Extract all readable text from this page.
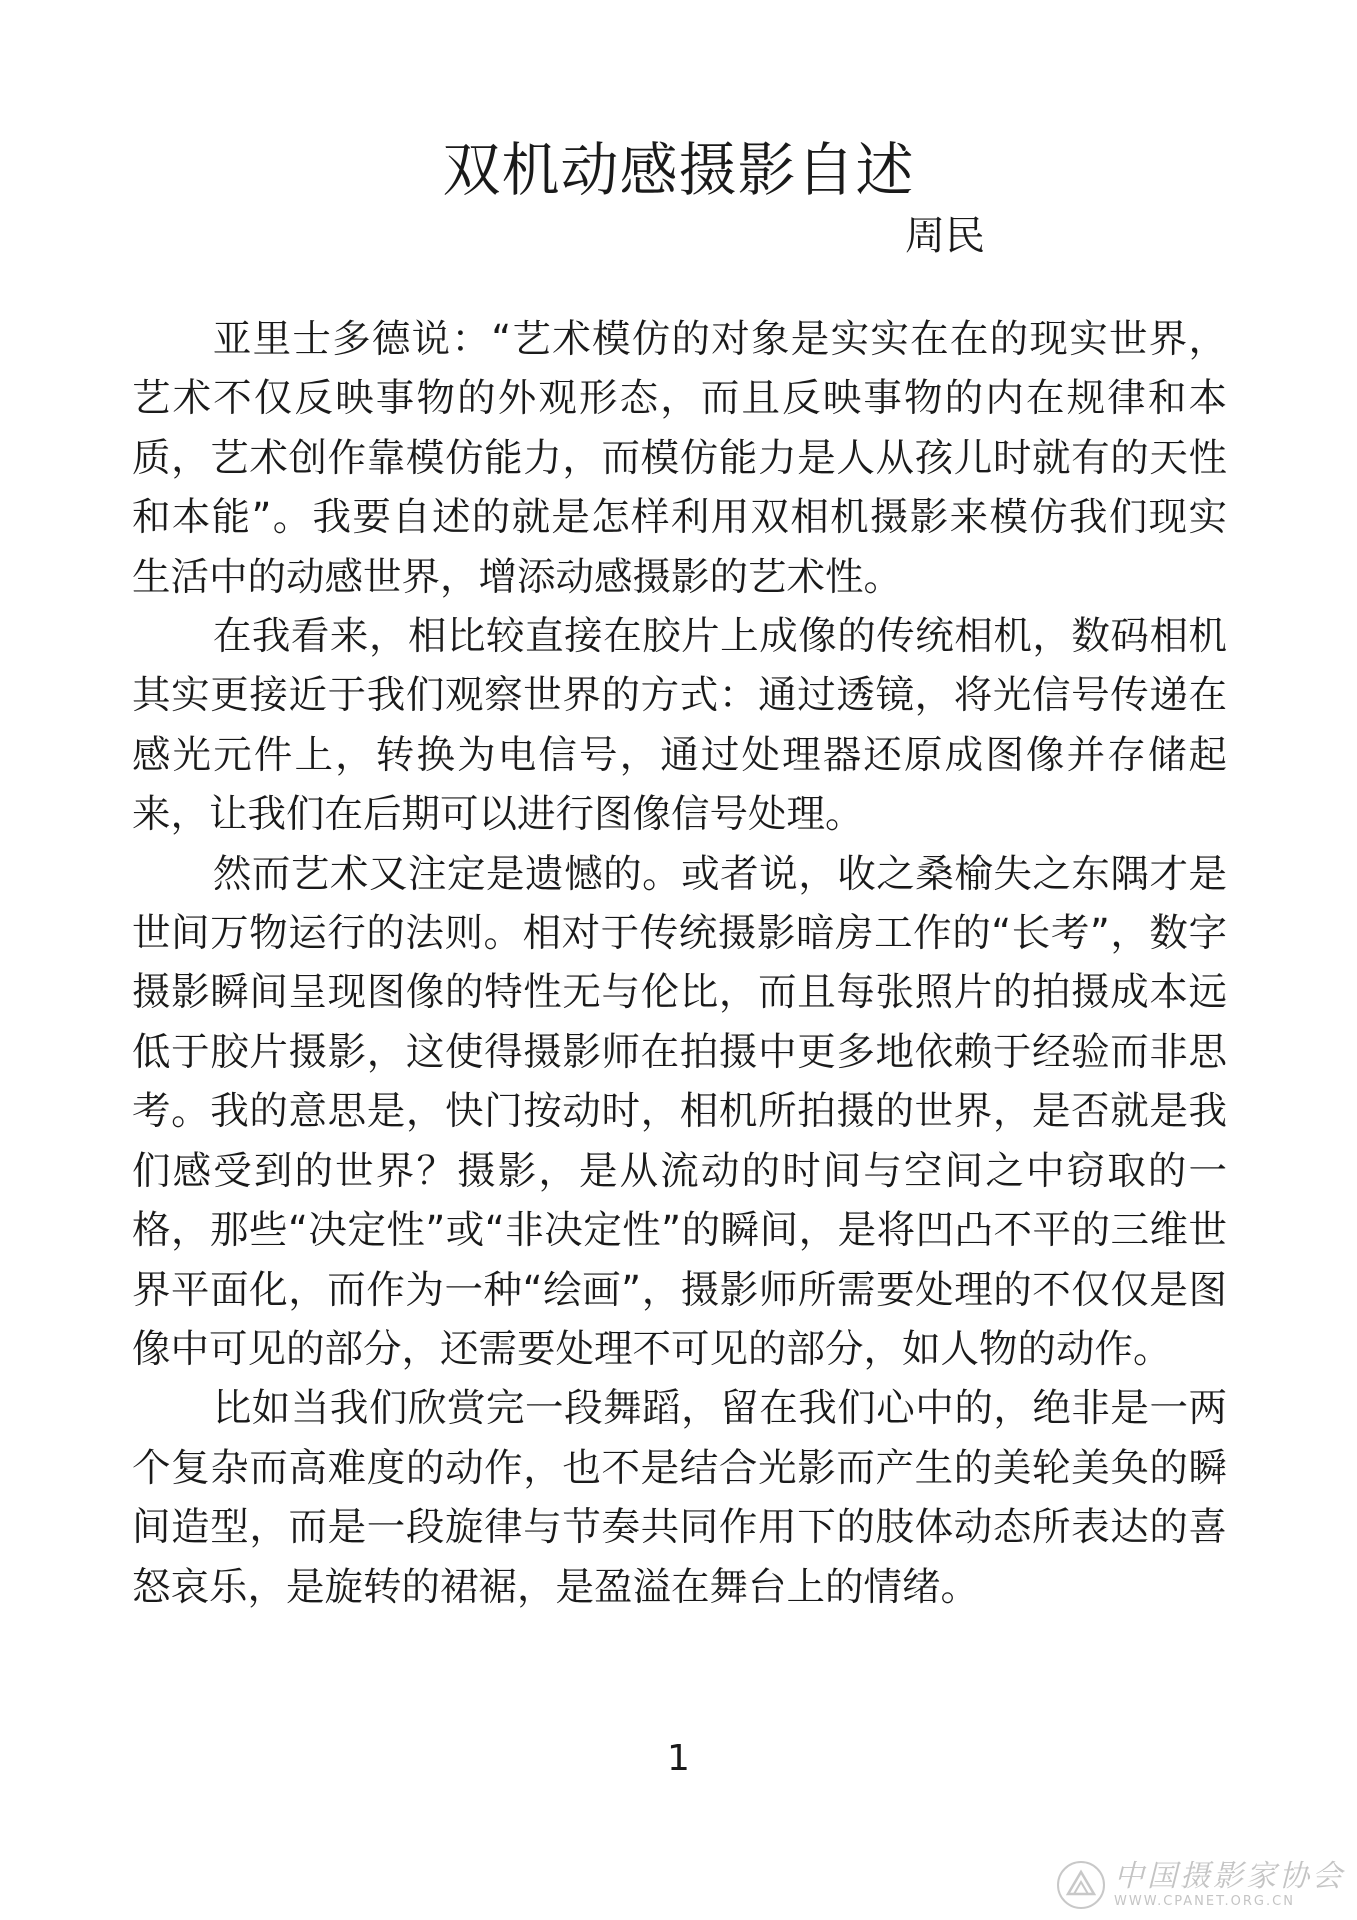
双机动感摄影自述
周民

亚里士多德说：“艺术模仿的对象是实实在在的现实世界，艺术不仅反映事物的外观形态，而且反映事物的内在规律和本质，艺术创作靠模仿能力，而模仿能力是人从孩儿时就有的天性和本能”。我要自述的就是怎样利用双相机摄影来模仿我们现实生活中的动感世界，增添动感摄影的艺术性。

在我看来，相比较直接在胶片上成像的传统相机，数码相机其实更接近于我们观察世界的方式：通过透镜，将光信号传递在感光元件上，转换为电信号，通过处理器还原成图像并存储起来，让我们在后期可以进行图像信号处理。

然而艺术又注定是遗憾的。或者说，收之桑榆失之东隅才是世间万物运行的法则。相对于传统摄影暗房工作的“长考”，数字摄影瞬间呈现图像的特性无与伦比，而且每张照片的拍摄成本远低于胶片摄影，这使得摄影师在拍摄中更多地依赖于经验而非思考。我的意思是，快门按动时，相机所拍摄的世界，是否就是我们感受到的世界？摄影，是从流动的时间与空间之中窃取的一格，那些“决定性”或“非决定性”的瞬间，是将凹凸不平的三维世界平面化，而作为一种“绘画”，摄影师所需要处理的不仅仅是图像中可见的部分，还需要处理不可见的部分，如人物的动作。

比如当我们欣赏完一段舞蹈，留在我们心中的，绝非是一两个复杂而高难度的动作，也不是结合光影而产生的美轮美奂的瞬间造型，而是一段旋律与节奏共同作用下的肢体动态所表达的喜怒哀乐，是旋转的裙裾，是盈溢在舞台上的情绪。

1
中国摄影家协会
WWW.CPANET.ORG.CN
